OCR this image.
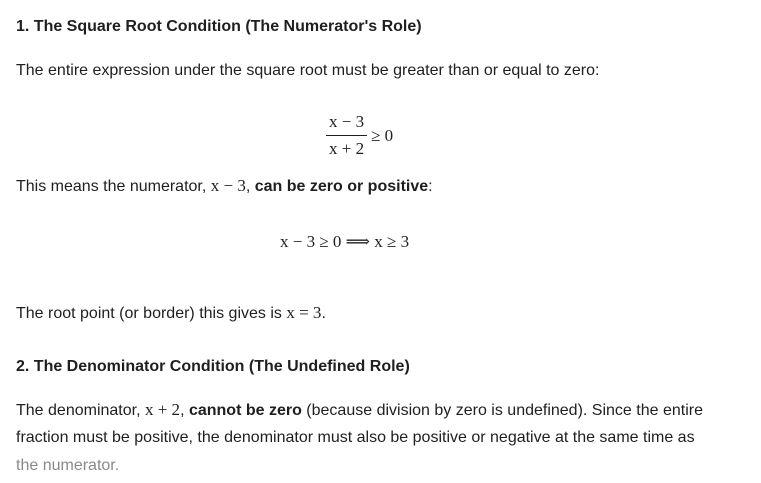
1. The Square Root Condition (The Numerator's Role)
The entire expression under the square root must be greater than or equal to zero:
$\frac{x - 3}{x + 2} \ge 0$
This means the numerator, x − 3, can be zero or positive:
x − 3 ≥ 0 ⟹ x ≥ 3
The root point (or border) this gives is x = 3.
2. The Denominator Condition (The Undefined Role)
The denominator, x + 2, cannot be zero (because division by zero is undefined). Since the entire
fraction must be positive, the denominator must also be positive or negative at the same time as
the numerator.
